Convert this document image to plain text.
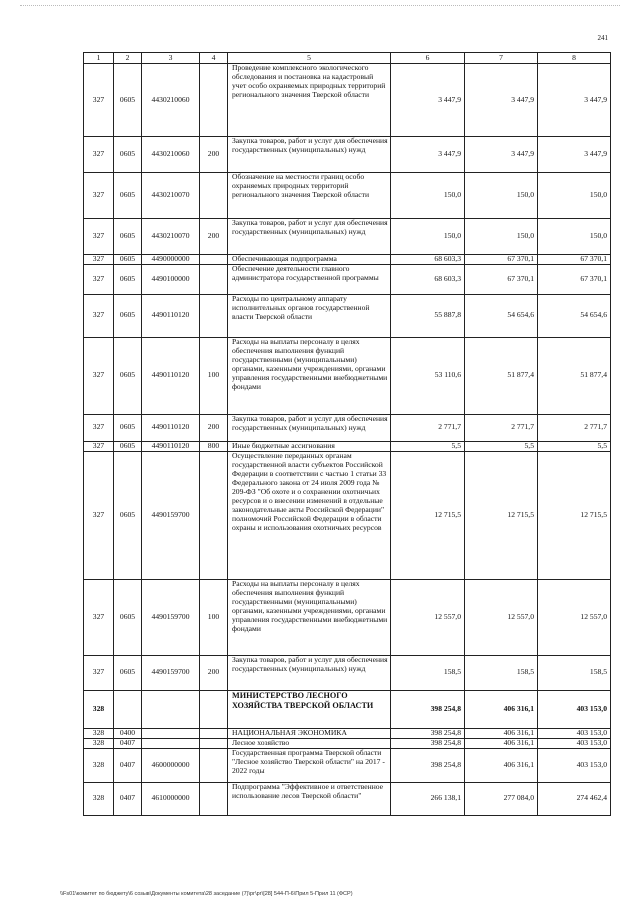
241
1	2	3	4	5	6	7	8
327	0605	4430210060		Проведение комплексного экологического обследования и постановка на кадастровый учет особо охраняемых природных территорий регионального значения Тверской области	3 447,9	3 447,9	3 447,9
327	0605	4430210060	200	Закупка товаров, работ и услуг для обеспечения государственных (муниципальных) нужд	3 447,9	3 447,9	3 447,9
327	0605	4430210070		Обозначение на местности границ особо охраняемых природных территорий регионального значения Тверской области	150,0	150,0	150,0
327	0605	4430210070	200	Закупка товаров, работ и услуг для обеспечения государственных (муниципальных) нужд	150,0	150,0	150,0
327	0605	4490000000		Обеспечивающая подпрограмма	68 603,3	67 370,1	67 370,1
327	0605	4490100000		Обеспечение деятельности главного администратора государственной программы	68 603,3	67 370,1	67 370,1
327	0605	4490110120		Расходы по центральному аппарату исполнительных органов государственной власти Тверской области	55 887,8	54 654,6	54 654,6
327	0605	4490110120	100	Расходы на выплаты персоналу в целях обеспечения выполнения функций государственными (муниципальными) органами, казенными учреждениями, органами управления государственными внебюджетными фондами	53 110,6	51 877,4	51 877,4
327	0605	4490110120	200	Закупка товаров, работ и услуг для обеспечения государственных (муниципальных) нужд	2 771,7	2 771,7	2 771,7
327	0605	4490110120	800	Иные бюджетные ассигнования	5,5	5,5	5,5
327	0605	4490159700		Осуществление переданных органам государственной власти субъектов Российской Федерации в соответствии с частью 1 статьи 33 Федерального закона от 24 июля 2009 года № 209-ФЗ "Об охоте и о сохранении охотничьих ресурсов и о внесении изменений в отдельные законодательные акты Российской Федерации" полномочий Российской Федерации в области охраны и использования охотничьих ресурсов	12 715,5	12 715,5	12 715,5
327	0605	4490159700	100	Расходы на выплаты персоналу в целях обеспечения выполнения функций государственными (муниципальными) органами, казенными учреждениями, органами управления государственными внебюджетными фондами	12 557,0	12 557,0	12 557,0
327	0605	4490159700	200	Закупка товаров, работ и услуг для обеспечения государственных (муниципальных) нужд	158,5	158,5	158,5
328				МИНИСТЕРСТВО ЛЕСНОГО ХОЗЯЙСТВА ТВЕРСКОЙ ОБЛАСТИ	398 254,8	406 316,1	403 153,0
328	0400			НАЦИОНАЛЬНАЯ ЭКОНОМИКА	398 254,8	406 316,1	403 153,0
328	0407			Лесное хозяйство	398 254,8	406 316,1	403 153,0
328	0407	4600000000		Государственная программа Тверской области "Лесное хозяйство Тверской области" на 2017 - 2022 годы	398 254,8	406 316,1	403 153,0
328	0407	4610000000		Подпрограмма "Эффективное и ответственное использование лесов Тверской области"	266 138,1	277 084,0	274 462,4
\\Fs01\комитет по бюджету\6 созыв\Документы комитета\28 заседание (7)\рг\рг\[28] 544-П-6\Прил 5-Прил 11 (ФСР)
